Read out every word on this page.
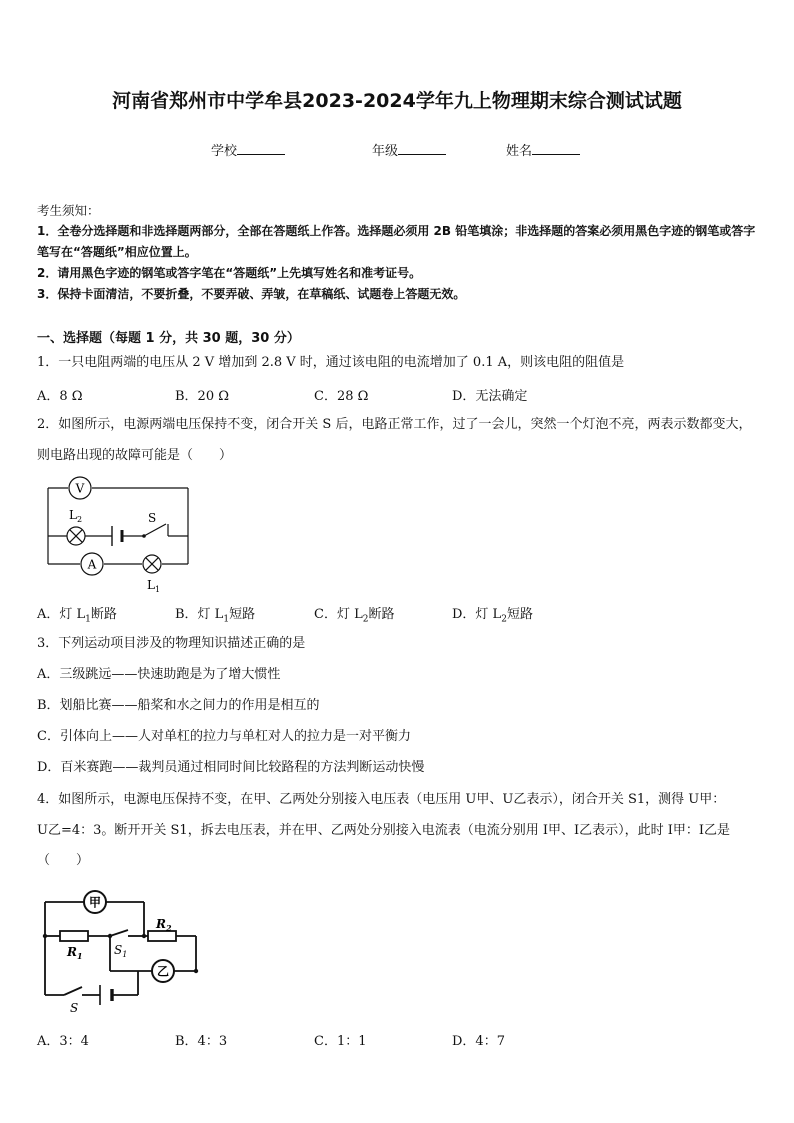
河南省郑州市中学牟县2023-2024学年九上物理期末综合测试试题
学校	年级	姓名
考生须知：
1．全卷分选择题和非选择题两部分，全部在答题纸上作答。选择题必须用 2B 铅笔填涂；非选择题的答案必须用黑色字迹的钢笔或答字笔写在“答题纸”相应位置上。
2．请用黑色字迹的钢笔或答字笔在“答题纸”上先填写姓名和准考证号。
3．保持卡面清洁，不要折叠，不要弄破、弄皱，在草稿纸、试题卷上答题无效。
一、选择题（每题 1 分，共 30 题，30 分）
1．一只电阻两端的电压从 2 V 增加到 2.8 V 时，通过该电阻的电流增加了 0.1 A，则该电阻的阻值是
A．8 Ω	B．20 Ω	C．28 Ω	D．无法确定
2．如图所示，电源两端电压保持不变，闭合开关 S 后，电路正常工作，过了一会儿，突然一个灯泡不亮，两表示数都变大，则电路出现的故障可能是（　　）
V
$L_2$	S
A
$L_1$
A．灯 $L_1$断路	B．灯 $L_1$短路	C．灯 $L_2$断路	D．灯 $L_2$短路
3．下列运动项目涉及的物理知识描述正确的是
A．三级跳远——快速助跑是为了增大惯性
B．划船比赛——船桨和水之间力的作用是相互的
C．引体向上——人对单杠的拉力与单杠对人的拉力是一对平衡力
D．百米赛跑——裁判员通过相同时间比较路程的方法判断运动快慢
4．如图所示，电源电压保持不变，在甲、乙两处分别接入电压表（电压用 U甲、U乙表示），闭合开关 S1，测得 U甲：
U乙=4：3。断开开关 S1，拆去电压表，并在甲、乙两处分别接入电流表（电流分别用 I甲、I乙表示），此时 I甲：I乙是
（　　）
甲
乙
$R_1$
$R_2$
$S_1$
S
A．3：4	B．4：3	C．1：1	D．4：7
